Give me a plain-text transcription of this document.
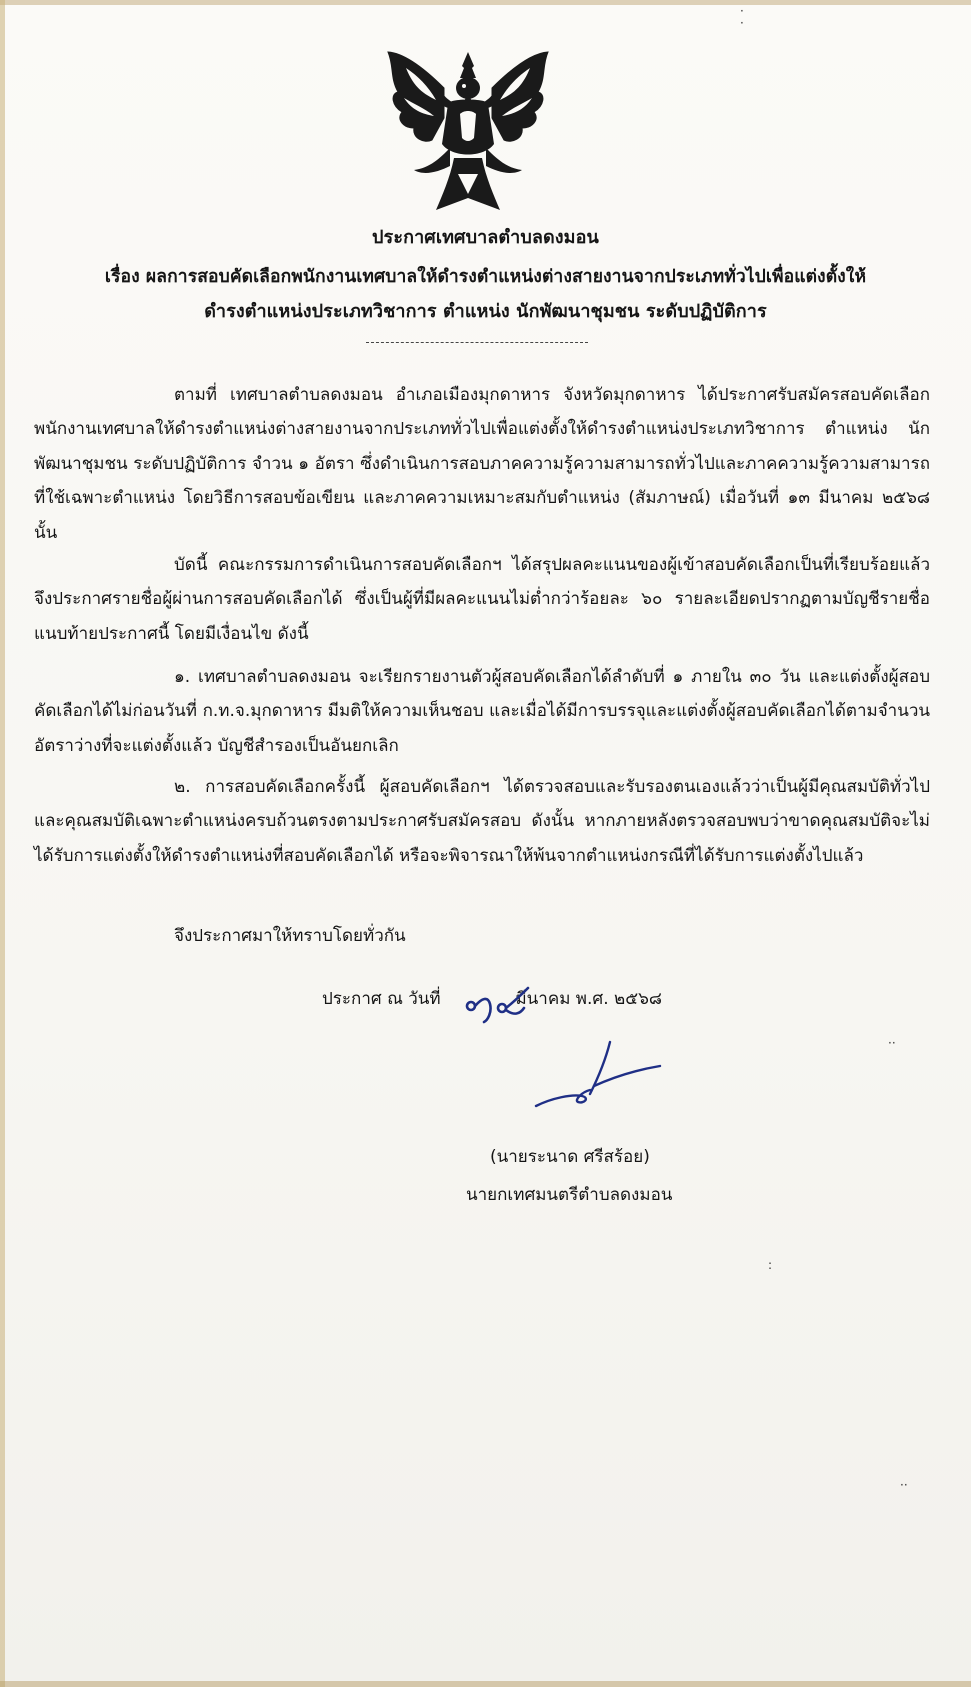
ประกาศเทศบาลตำบลดงมอน
เรื่อง ผลการสอบคัดเลือกพนักงานเทศบาลให้ดำรงตำแหน่งต่างสายงานจากประเภททั่วไปเพื่อแต่งตั้งให้
ดำรงตำแหน่งประเภทวิชาการ ตำแหน่ง นักพัฒนาชุมชน ระดับปฏิบัติการ
ตามที่ เทศบาลตำบลดงมอน อำเภอเมืองมุกดาหาร จังหวัดมุกดาหาร ได้ประกาศรับสมัครสอบคัดเลือกพนักงานเทศบาลให้ดำรงตำแหน่งต่างสายงานจากประเภททั่วไปเพื่อแต่งตั้งให้ดำรงตำแหน่งประเภทวิชาการ ตำแหน่ง นักพัฒนาชุมชน ระดับปฏิบัติการ จำวน ๑ อัตรา ซึ่งดำเนินการสอบภาคความรู้ความสามารถทั่วไปและภาคความรู้ความสามารถที่ใช้เฉพาะตำแหน่ง โดยวิธีการสอบข้อเขียน และภาคความเหมาะสมกับตำแหน่ง (สัมภาษณ์) เมื่อวันที่ ๑๓ มีนาคม ๒๕๖๘ นั้น
บัดนี้ คณะกรรมการดำเนินการสอบคัดเลือกฯ ได้สรุปผลคะแนนของผู้เข้าสอบคัดเลือกเป็นที่เรียบร้อยแล้ว จึงประกาศรายชื่อผู้ผ่านการสอบคัดเลือกได้ ซึ่งเป็นผู้ที่มีผลคะแนนไม่ต่ำกว่าร้อยละ ๖๐ รายละเอียดปรากฏตามบัญชีรายชื่อแนบท้ายประกาศนี้ โดยมีเงื่อนไข ดังนี้
๑. เทศบาลตำบลดงมอน จะเรียกรายงานตัวผู้สอบคัดเลือกได้ลำดับที่ ๑ ภายใน ๓๐ วัน และแต่งตั้งผู้สอบคัดเลือกได้ไม่ก่อนวันที่ ก.ท.จ.มุกดาหาร มีมติให้ความเห็นชอบ และเมื่อได้มีการบรรจุและแต่งตั้งผู้สอบคัดเลือกได้ตามจำนวนอัตราว่างที่จะแต่งตั้งแล้ว บัญชีสำรองเป็นอันยกเลิก
๒. การสอบคัดเลือกครั้งนี้ ผู้สอบคัดเลือกฯ ได้ตรวจสอบและรับรองตนเองแล้วว่าเป็นผู้มีคุณสมบัติทั่วไป และคุณสมบัติเฉพาะตำแหน่งครบถ้วนตรงตามประกาศรับสมัครสอบ ดังนั้น หากภายหลังตรวจสอบพบว่าขาดคุณสมบัติจะไม่ได้รับการแต่งตั้งให้ดำรงตำแหน่งที่สอบคัดเลือกได้ หรือจะพิจารณาให้พ้นจากตำแหน่งกรณีที่ได้รับการแต่งตั้งไปแล้ว
จึงประกาศมาให้ทราบโดยทั่วกัน
ประกาศ ณ วันที่	มีนาคม พ.ศ. ๒๕๖๘
(นายระนาด ศรีสร้อย)
นายกเทศมนตรีตำบลดงมอน
·
·
:
··
··
